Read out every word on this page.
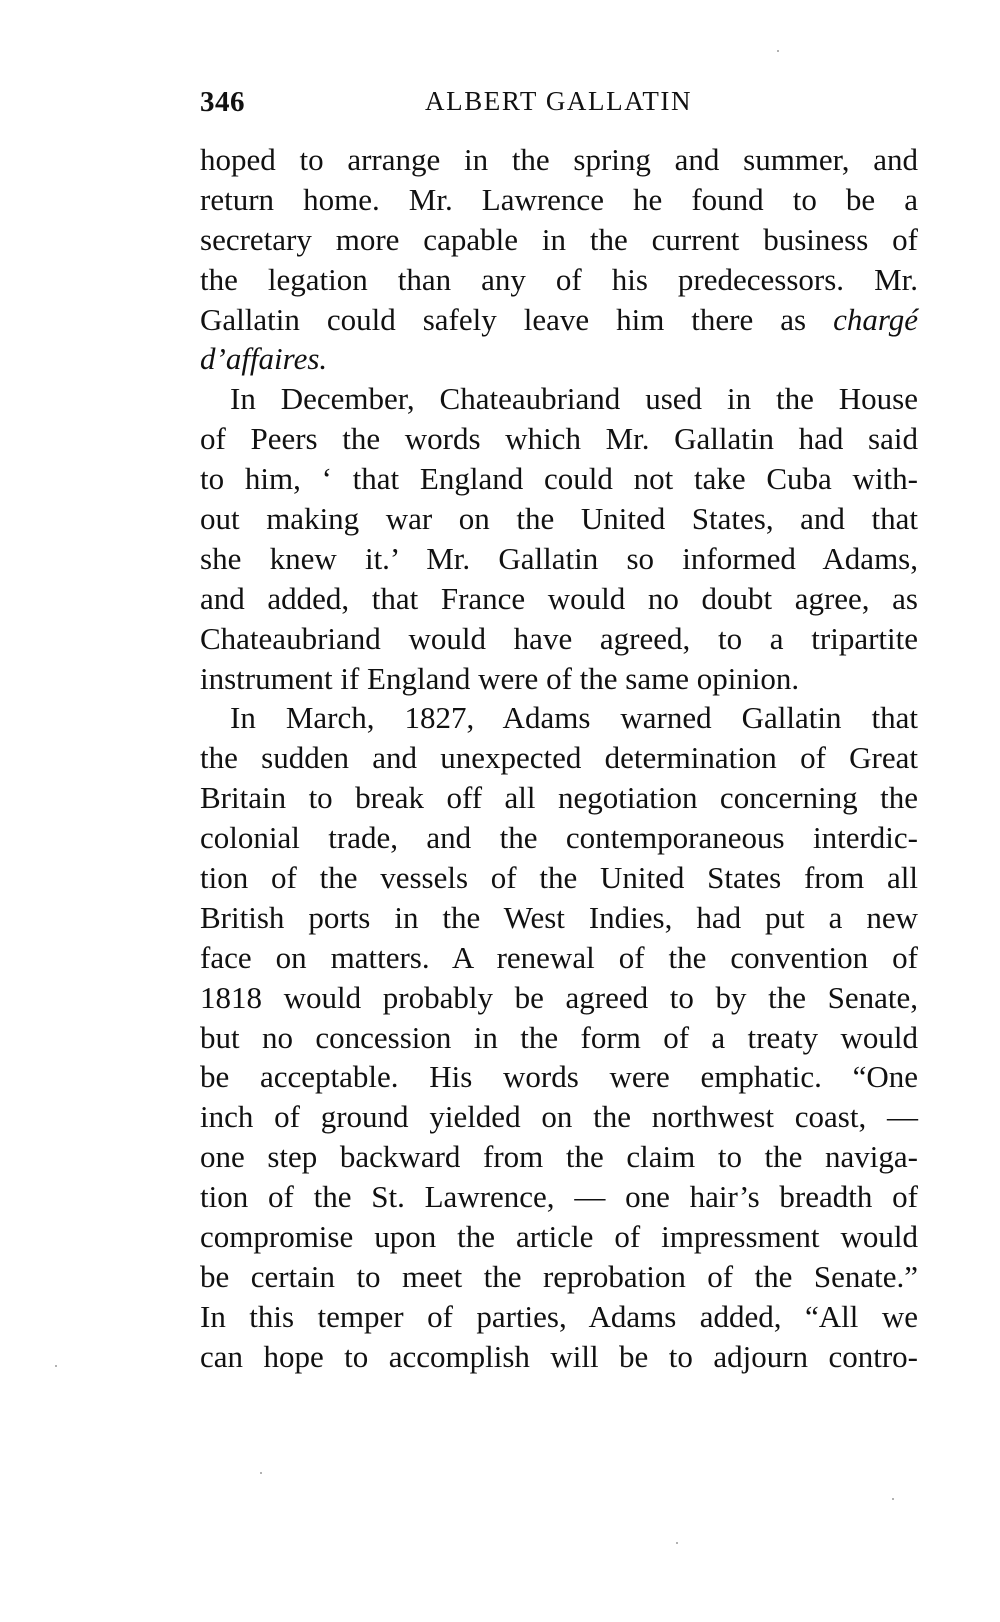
346	ALBERT GALLATIN
hoped to arrange in the spring and summer, and
return home. Mr. Lawrence he found to be a
secretary more capable in the current business of
the legation than any of his predecessors. Mr.
Gallatin could safely leave him there as chargé
d’affaires.
In December, Chateaubriand used in the House
of Peers the words which Mr. Gallatin had said
to him, ‘ that England could not take Cuba with-
out making war on the United States, and that
she knew it.’ Mr. Gallatin so informed Adams,
and added, that France would no doubt agree, as
Chateaubriand would have agreed, to a tripartite
instrument if England were of the same opinion.
In March, 1827, Adams warned Gallatin that
the sudden and unexpected determination of Great
Britain to break off all negotiation concerning the
colonial trade, and the contemporaneous interdic-
tion of the vessels of the United States from all
British ports in the West Indies, had put a new
face on matters. A renewal of the convention of
1818 would probably be agreed to by the Senate,
but no concession in the form of a treaty would
be acceptable. His words were emphatic. “One
inch of ground yielded on the northwest coast, —
one step backward from the claim to the naviga-
tion of the St. Lawrence, — one hair’s breadth of
compromise upon the article of impressment would
be certain to meet the reprobation of the Senate.”
In this temper of parties, Adams added, “All we
can hope to accomplish will be to adjourn contro-
